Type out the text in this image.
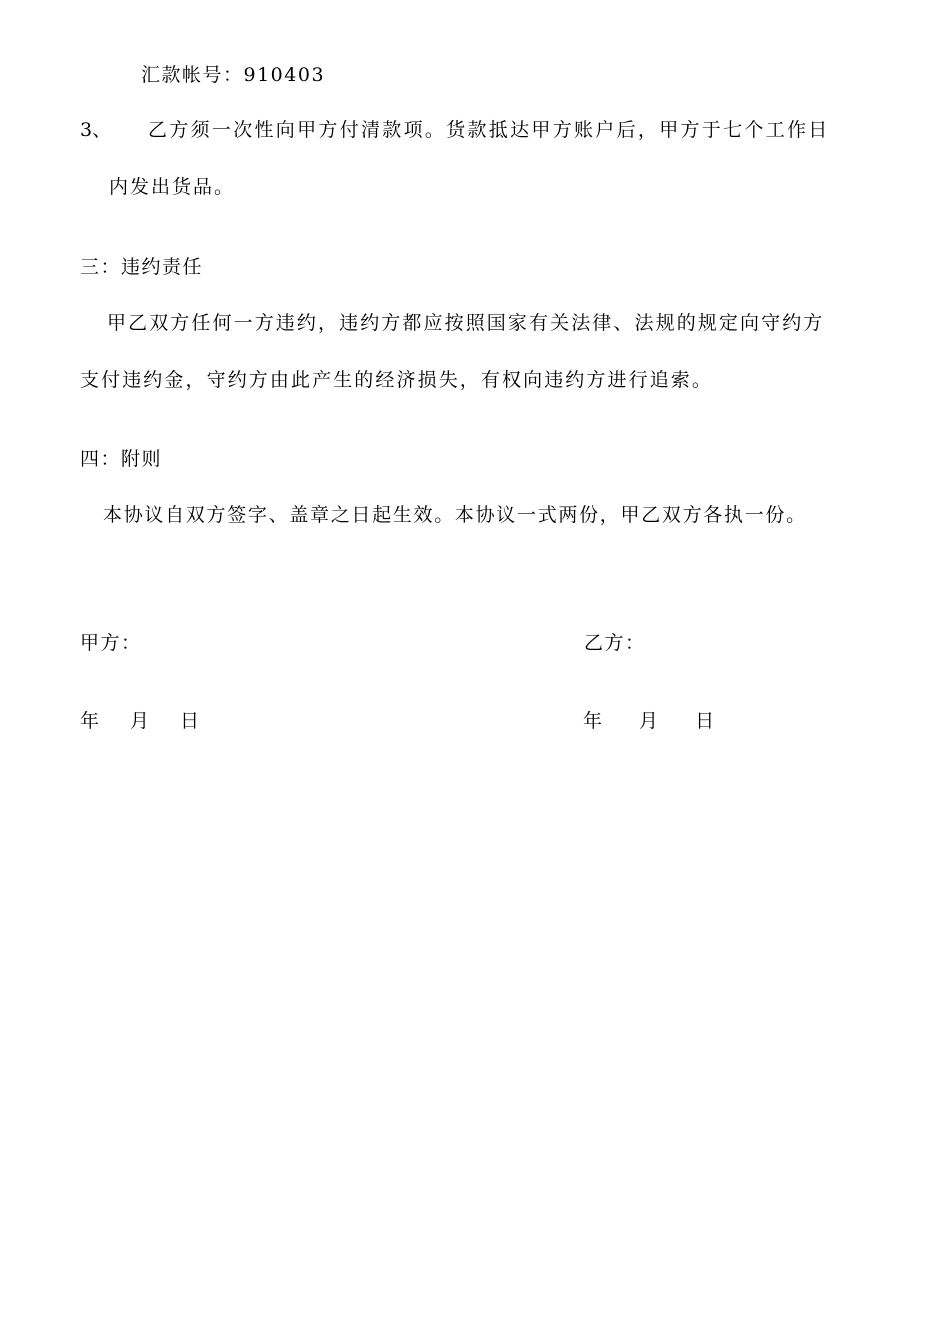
汇款帐号：910403
3、 乙方须一次性向甲方付清款项。货款抵达甲方账户后，甲方于七个工作日
内发出货品。
三：违约责任
甲乙双方任何一方违约，违约方都应按照国家有关法律、法规的规定向守约方
支付违约金，守约方由此产生的经济损失，有权向违约方进行追索。
四：附则
本协议自双方签字、盖章之日起生效。本协议一式两份，甲乙双方各执一份。
甲方：	乙方：
年　月　日	年　 月　 日
